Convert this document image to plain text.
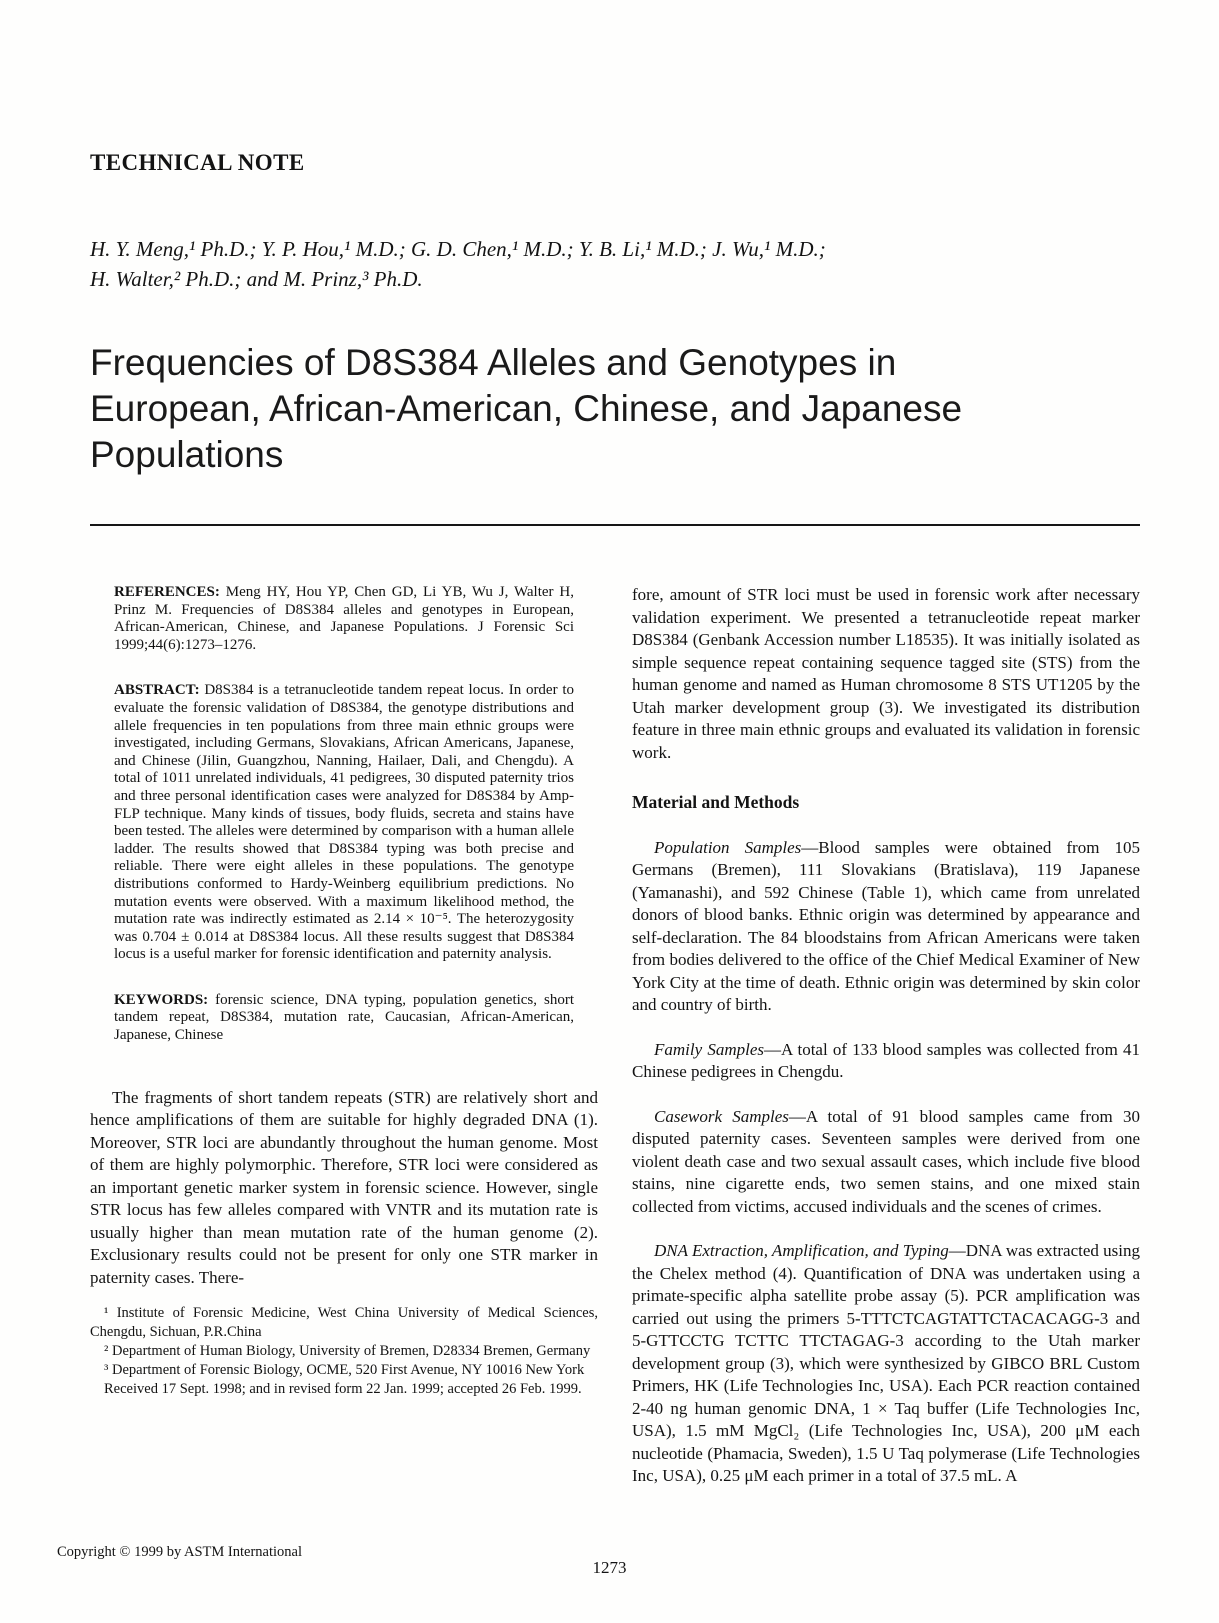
TECHNICAL NOTE
H. Y. Meng,¹ Ph.D.; Y. P. Hou,¹ M.D.; G. D. Chen,¹ M.D.; Y. B. Li,¹ M.D.; J. Wu,¹ M.D.;
H. Walter,² Ph.D.; and M. Prinz,³ Ph.D.
Frequencies of D8S384 Alleles and Genotypes in European, African-American, Chinese, and Japanese Populations

REFERENCES: Meng HY, Hou YP, Chen GD, Li YB, Wu J, Walter H, Prinz M. Frequencies of D8S384 alleles and genotypes in European, African-American, Chinese, and Japanese Populations. J Forensic Sci 1999;44(6):1273–1276.

ABSTRACT: D8S384 is a tetranucleotide tandem repeat locus. In order to evaluate the forensic validation of D8S384, the genotype distributions and allele frequencies in ten populations from three main ethnic groups were investigated, including Germans, Slovakians, African Americans, Japanese, and Chinese (Jilin, Guangzhou, Nanning, Hailaer, Dali, and Chengdu). A total of 1011 unrelated individuals, 41 pedigrees, 30 disputed paternity trios and three personal identification cases were analyzed for D8S384 by Amp-FLP technique. Many kinds of tissues, body fluids, secreta and stains have been tested. The alleles were determined by comparison with a human allele ladder. The results showed that D8S384 typing was both precise and reliable. There were eight alleles in these populations. The genotype distributions conformed to Hardy-Weinberg equilibrium predictions. No mutation events were observed. With a maximum likelihood method, the mutation rate was indirectly estimated as 2.14 × 10⁻⁵. The heterozygosity was 0.704 ± 0.014 at D8S384 locus. All these results suggest that D8S384 locus is a useful marker for forensic identification and paternity analysis.

KEYWORDS: forensic science, DNA typing, population genetics, short tandem repeat, D8S384, mutation rate, Caucasian, African-American, Japanese, Chinese

The fragments of short tandem repeats (STR) are relatively short and hence amplifications of them are suitable for highly degraded DNA (1). Moreover, STR loci are abundantly throughout the human genome. Most of them are highly polymorphic. Therefore, STR loci were considered as an important genetic marker system in forensic science. However, single STR locus has few alleles compared with VNTR and its mutation rate is usually higher than mean mutation rate of the human genome (2). Exclusionary results could not be present for only one STR marker in paternity cases. There-

¹ Institute of Forensic Medicine, West China University of Medical Sciences, Chengdu, Sichuan, P.R.China

² Department of Human Biology, University of Bremen, D28334 Bremen, Germany

³ Department of Forensic Biology, OCME, 520 First Avenue, NY 10016 New York

Received 17 Sept. 1998; and in revised form 22 Jan. 1999; accepted 26 Feb. 1999.

fore, amount of STR loci must be used in forensic work after necessary validation experiment. We presented a tetranucleotide repeat marker D8S384 (Genbank Accession number L18535). It was initially isolated as simple sequence repeat containing sequence tagged site (STS) from the human genome and named as Human chromosome 8 STS UT1205 by the Utah marker development group (3). We investigated its distribution feature in three main ethnic groups and evaluated its validation in forensic work.

Material and Methods

Population Samples—Blood samples were obtained from 105 Germans (Bremen), 111 Slovakians (Bratislava), 119 Japanese (Yamanashi), and 592 Chinese (Table 1), which came from unrelated donors of blood banks. Ethnic origin was determined by appearance and self-declaration. The 84 bloodstains from African Americans were taken from bodies delivered to the office of the Chief Medical Examiner of New York City at the time of death. Ethnic origin was determined by skin color and country of birth.

Family Samples—A total of 133 blood samples was collected from 41 Chinese pedigrees in Chengdu.

Casework Samples—A total of 91 blood samples came from 30 disputed paternity cases. Seventeen samples were derived from one violent death case and two sexual assault cases, which include five blood stains, nine cigarette ends, two semen stains, and one mixed stain collected from victims, accused individuals and the scenes of crimes.

DNA Extraction, Amplification, and Typing—DNA was extracted using the Chelex method (4). Quantification of DNA was undertaken using a primate-specific alpha satellite probe assay (5). PCR amplification was carried out using the primers 5-TTTCTCAGTATTCTACACAGG-3 and 5-GTTCCTG TCTTC TTCTAGAG-3 according to the Utah marker development group (3), which were synthesized by GIBCO BRL Custom Primers, HK (Life Technologies Inc, USA). Each PCR reaction contained 2-40 ng human genomic DNA, 1 × Taq buffer (Life Technologies Inc, USA), 1.5 mM MgCl₂ (Life Technologies Inc, USA), 200 μM each nucleotide (Phamacia, Sweden), 1.5 U Taq polymerase (Life Technologies Inc, USA), 0.25 μM each primer in a total of 37.5 mL. A

Copyright © 1999 by ASTM International
1273
